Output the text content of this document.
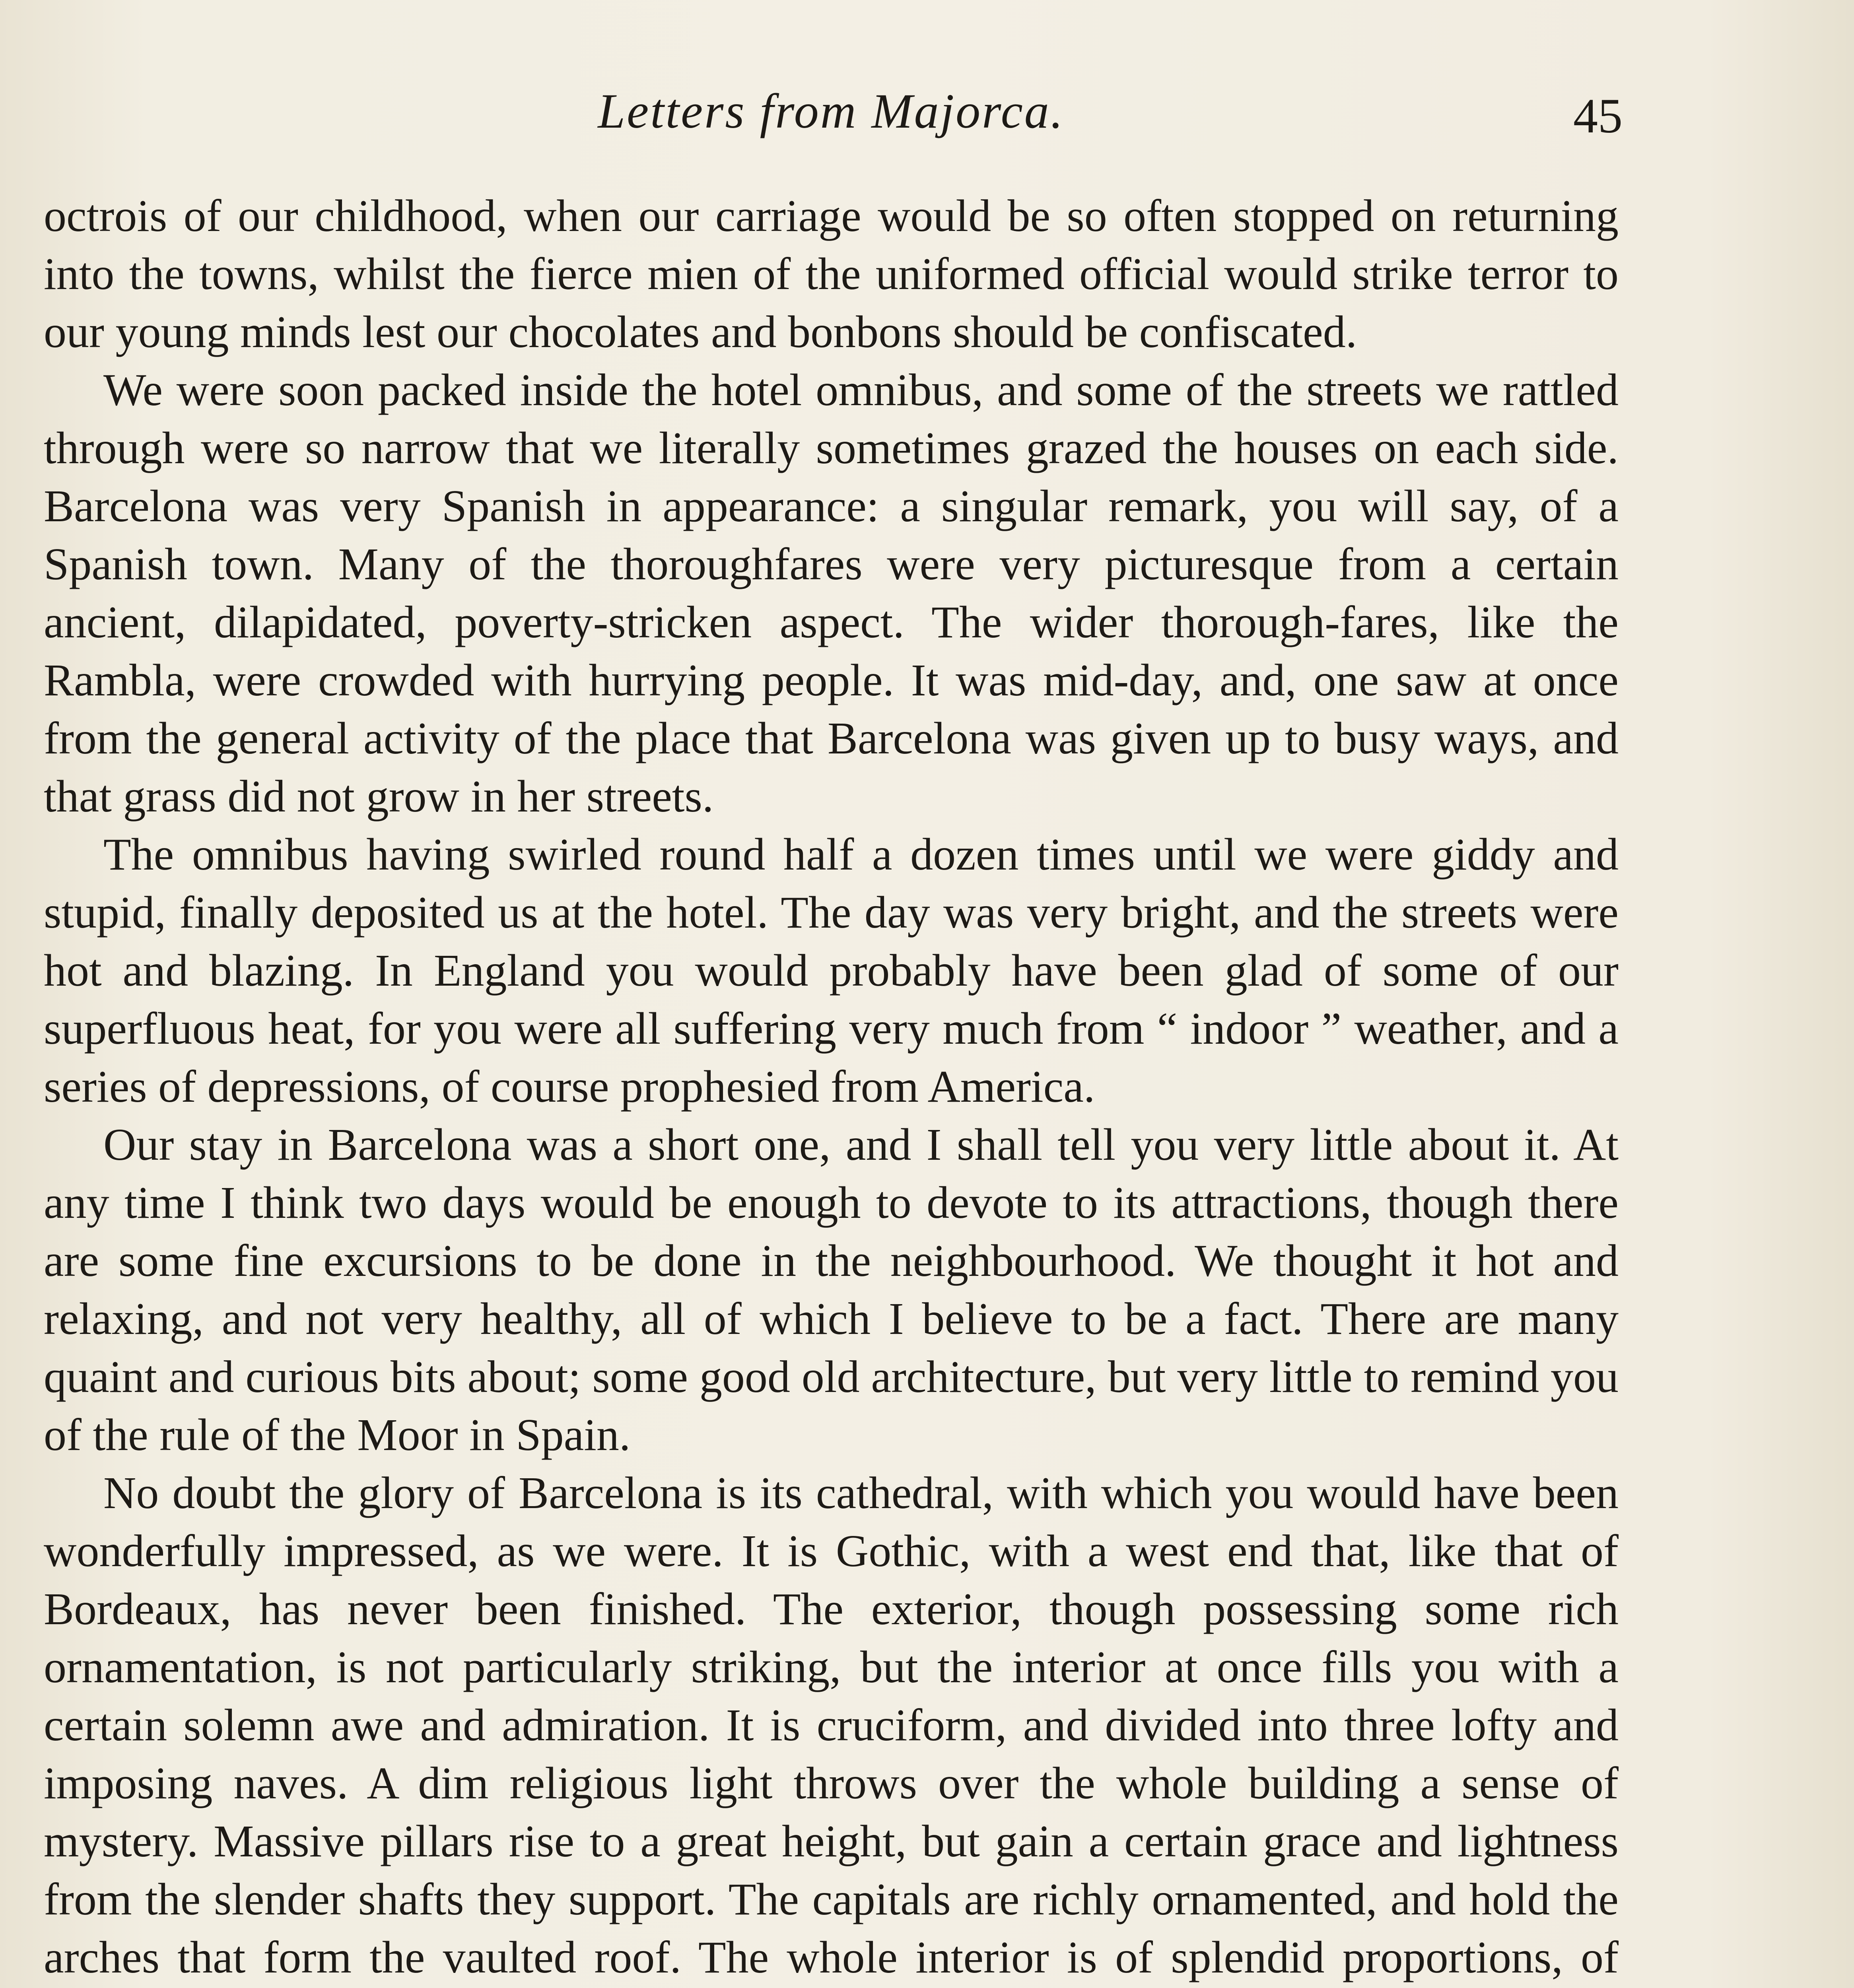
Letters from Majorca.	45

octrois of our childhood, when our carriage would be so often stopped on returning into the towns, whilst the fierce mien of the uniformed official would strike terror to our young minds lest our chocolates and bonbons should be confiscated.

We were soon packed inside the hotel omnibus, and some of the streets we rattled through were so narrow that we literally sometimes grazed the houses on each side. Barcelona was very Spanish in appearance: a singular remark, you will say, of a Spanish town. Many of the thoroughfares were very picturesque from a certain ancient, dilapidated, poverty-stricken aspect. The wider thorough-fares, like the Rambla, were crowded with hurrying people. It was mid-day, and, one saw at once from the general activity of the place that Barcelona was given up to busy ways, and that grass did not grow in her streets.

The omnibus having swirled round half a dozen times until we were giddy and stupid, finally deposited us at the hotel. The day was very bright, and the streets were hot and blazing. In England you would probably have been glad of some of our superfluous heat, for you were all suffering very much from “ indoor ” weather, and a series of depressions, of course prophesied from America.

Our stay in Barcelona was a short one, and I shall tell you very little about it. At any time I think two days would be enough to devote to its attractions, though there are some fine excursions to be done in the neighbourhood. We thought it hot and relaxing, and not very healthy, all of which I believe to be a fact. There are many quaint and curious bits about; some good old architecture, but very little to remind you of the rule of the Moor in Spain.

No doubt the glory of Barcelona is its cathedral, with which you would have been wonderfully impressed, as we were. It is Gothic, with a west end that, like that of Bordeaux, has never been finished. The exterior, though possessing some rich ornamentation, is not particularly striking, but the interior at once fills you with a certain solemn awe and admiration. It is cruciform, and divided into three lofty and imposing naves. A dim religious light throws over the whole building a sense of mystery. Massive pillars rise to a great height, but gain a certain grace and lightness from the slender shafts they support. The capitals are richly ornamented, and hold the arches that form the vaulted roof. The whole interior is of splendid proportions, of
